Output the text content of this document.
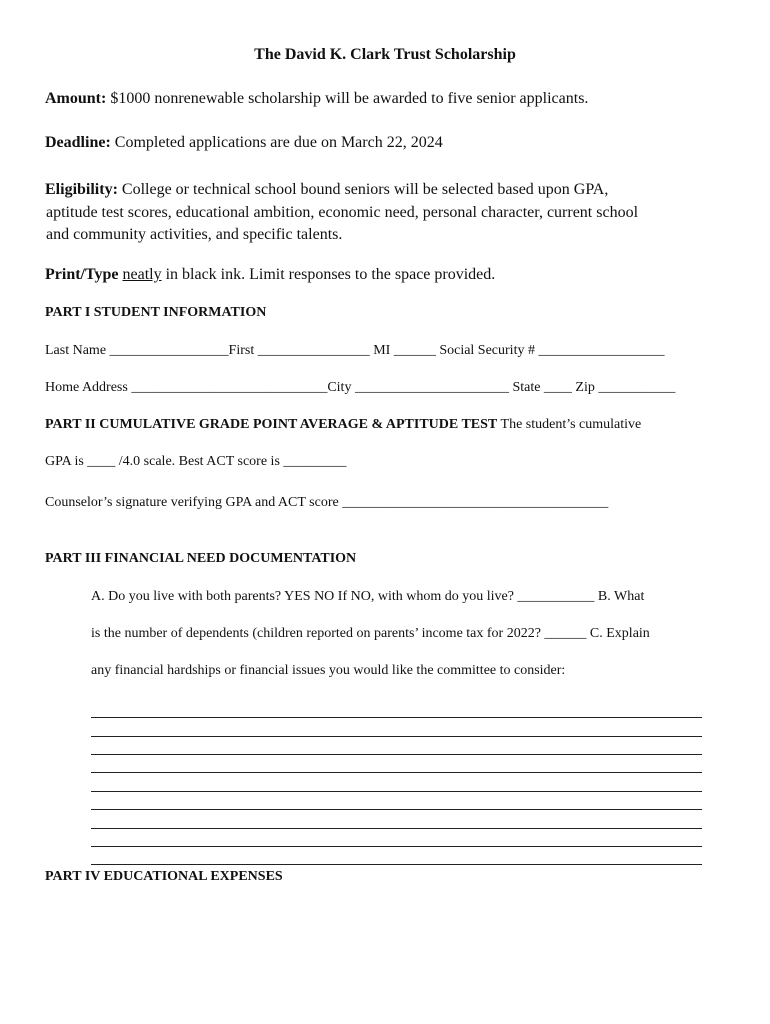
The David K. Clark Trust Scholarship
Amount: $1000 nonrenewable scholarship will be awarded to five senior applicants.
Deadline: Completed applications are due on March 22, 2024
Eligibility: College or technical school bound seniors will be selected based upon GPA,
aptitude test scores, educational ambition, economic need, personal character, current school
and community activities, and specific talents.
Print/Type neatly in black ink. Limit responses to the space provided.
PART I STUDENT INFORMATION
Last Name _________________First ________________ MI ______ Social Security # __________________
Home Address ____________________________City ______________________ State ____ Zip ___________
PART II CUMULATIVE GRADE POINT AVERAGE & APTITUDE TEST The student’s cumulative
GPA is ____ /4.0 scale. Best ACT score is _________
Counselor’s signature verifying GPA and ACT score ______________________________________
PART III FINANCIAL NEED DOCUMENTATION
A. Do you live with both parents? YES NO If NO, with whom do you live? ___________ B. What
is the number of dependents (children reported on parents’ income tax for 2022? ______ C. Explain
any financial hardships or financial issues you would like the committee to consider:
PART IV EDUCATIONAL EXPENSES
